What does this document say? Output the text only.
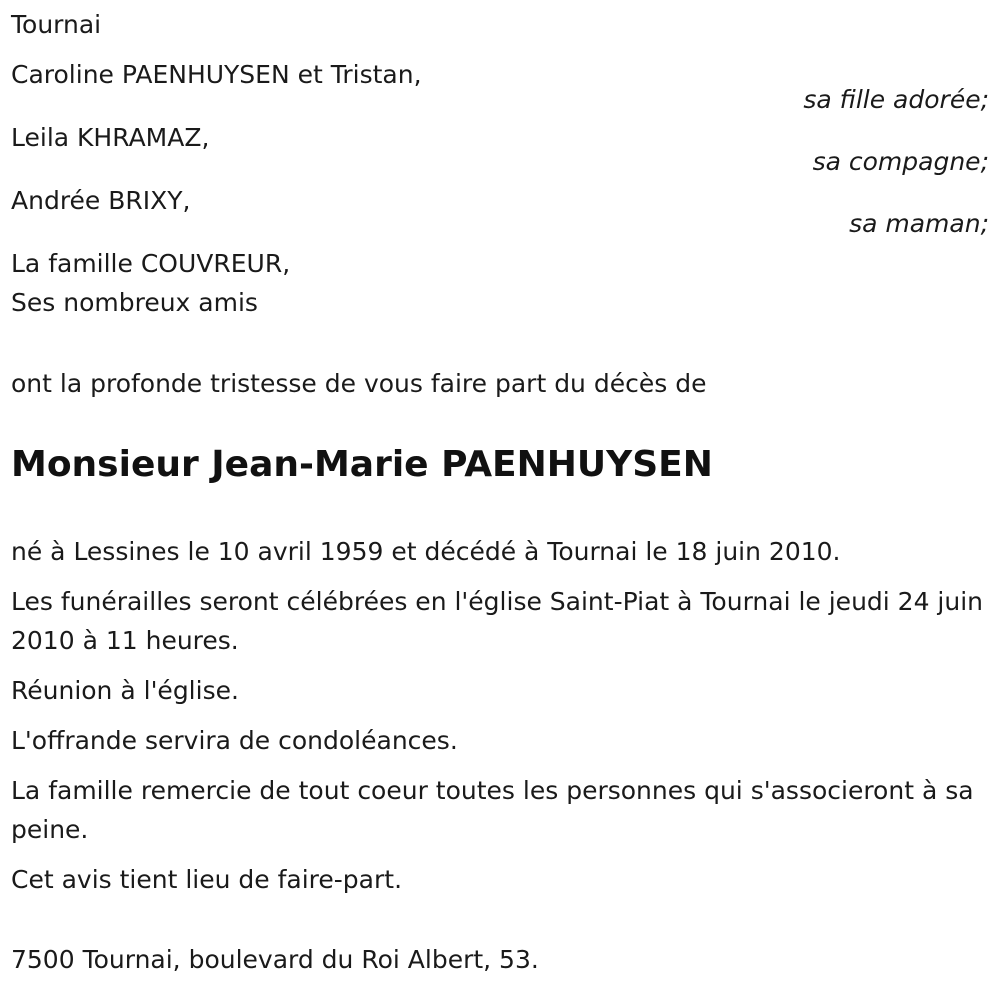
Tournai
Caroline PAENHUYSEN et Tristan,
sa fille adorée;
Leila KHRAMAZ,
sa compagne;
Andrée BRIXY,
sa maman;
La famille COUVREUR,
Ses nombreux amis
ont la profonde tristesse de vous faire part du décès de
Monsieur Jean-Marie PAENHUYSEN
né à Lessines le 10 avril 1959 et décédé à Tournai le 18 juin 2010.
Les funérailles seront célébrées en l'église Saint-Piat à Tournai le jeudi 24 juin 2010 à 11 heures.
Réunion à l'église.
L'offrande servira de condoléances.
La famille remercie de tout coeur toutes les personnes qui s'associeront à sa peine.
Cet avis tient lieu de faire-part.
7500 Tournai, boulevard du Roi Albert, 53.
